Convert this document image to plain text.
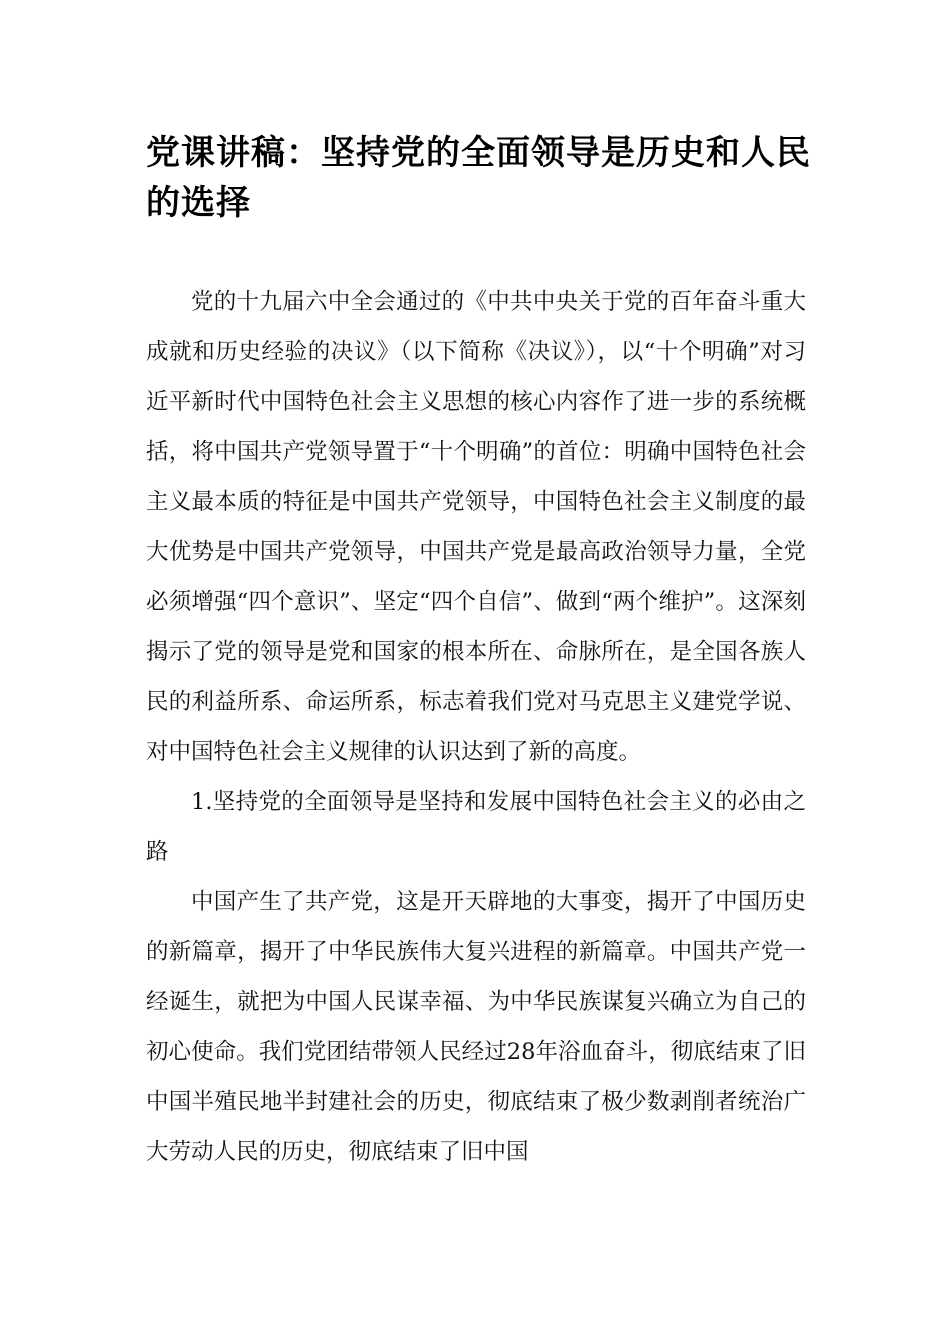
党课讲稿：坚持党的全面领导是历史和人民的选择

党的十九届六中全会通过的《中共中央关于党的百年奋斗重大成就和历史经验的决议》（以下简称《决议》），以“十个明确”对习近平新时代中国特色社会主义思想的核心内容作了进一步的系统概括，将中国共产党领导置于“十个明确”的首位：明确中国特色社会主义最本质的特征是中国共产党领导，中国特色社会主义制度的最大优势是中国共产党领导，中国共产党是最高政治领导力量，全党必须增强“四个意识”、坚定“四个自信”、做到“两个维护”。这深刻揭示了党的领导是党和国家的根本所在、命脉所在，是全国各族人民的利益所系、命运所系，标志着我们党对马克思主义建党学说、对中国特色社会主义规律的认识达到了新的高度。

1.坚持党的全面领导是坚持和发展中国特色社会主义的必由之路

中国产生了共产党，这是开天辟地的大事变，揭开了中国历史的新篇章，揭开了中华民族伟大复兴进程的新篇章。中国共产党一经诞生，就把为中国人民谋幸福、为中华民族谋复兴确立为自己的初心使命。我们党团结带领人民经过28年浴血奋斗，彻底结束了旧中国半殖民地半封建社会的历史，彻底结束了极少数剥削者统治广大劳动人民的历史，彻底结束了旧中国
